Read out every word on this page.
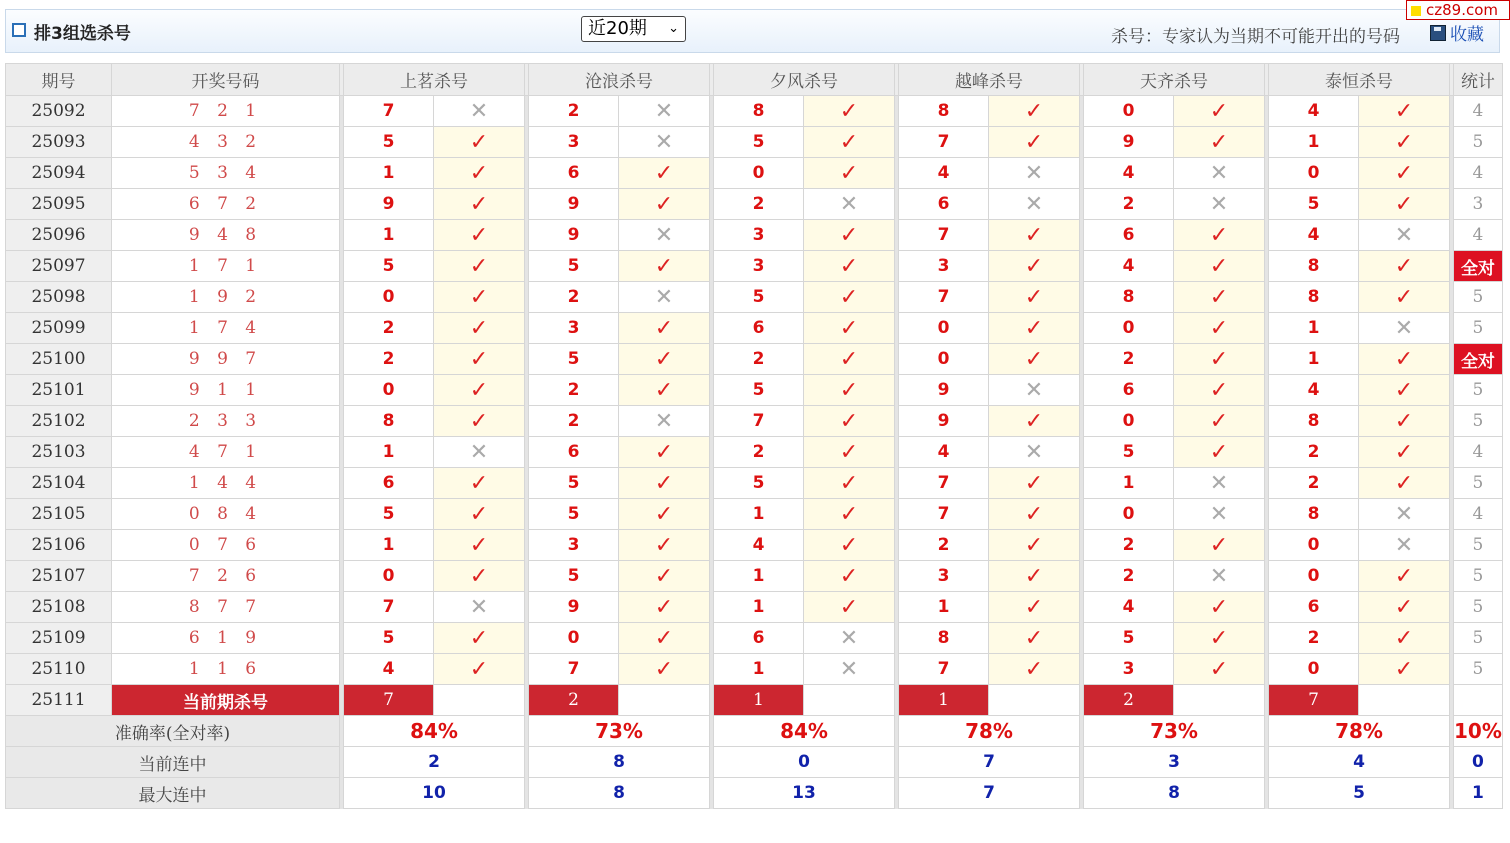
排3组选杀号	近20期 ⌄	杀号：专家认为当期不可能开出的号码	收藏
cz89.com
期号	开奖号码		上茗杀号			沧浪杀号			夕风杀号			越峰杀号			天齐杀号			泰恒杀号			统计
25092	7 2 1		7	✕		2	✕		8	✓		8	✓		0	✓		4	✓		4
25093	4 3 2		5	✓		3	✕		5	✓		7	✓		9	✓		1	✓		5
25094	5 3 4		1	✓		6	✓		0	✓		4	✕		4	✕		0	✓		4
25095	6 7 2		9	✓		9	✓		2	✕		6	✕		2	✕		5	✓		3
25096	9 4 8		1	✓		9	✕		3	✓		7	✓		6	✓		4	✕		4
25097	1 7 1		5	✓		5	✓		3	✓		3	✓		4	✓		8	✓		全对
25098	1 9 2		0	✓		2	✕		5	✓		7	✓		8	✓		8	✓		5
25099	1 7 4		2	✓		3	✓		6	✓		0	✓		0	✓		1	✕		5
25100	9 9 7		2	✓		5	✓		2	✓		0	✓		2	✓		1	✓		全对
25101	9 1 1		0	✓		2	✓		5	✓		9	✕		6	✓		4	✓		5
25102	2 3 3		8	✓		2	✕		7	✓		9	✓		0	✓		8	✓		5
25103	4 7 1		1	✕		6	✓		2	✓		4	✕		5	✓		2	✓		4
25104	1 4 4		6	✓		5	✓		5	✓		7	✓		1	✕		2	✓		5
25105	0 8 4		5	✓		5	✓		1	✓		7	✓		0	✕		8	✕		4
25106	0 7 6		1	✓		3	✓		4	✓		2	✓		2	✓		0	✕		5
25107	7 2 6		0	✓		5	✓		1	✓		3	✓		2	✕		0	✓		5
25108	8 7 7		7	✕		9	✓		1	✓		1	✓		4	✓		6	✓		5
25109	6 1 9		5	✓		0	✓		6	✕		8	✓		5	✓		2	✓		5
25110	1 1 6		4	✓		7	✓		1	✕		7	✓		3	✓		0	✓		5
25111	当前期杀号		7			2			1			1			2			7			
准确率(全对率)			84%			73%			84%			78%			73%			78%			10%
当前连中			2			8			0			7			3			4			0
最大连中			10			8			13			7			8			5			1
